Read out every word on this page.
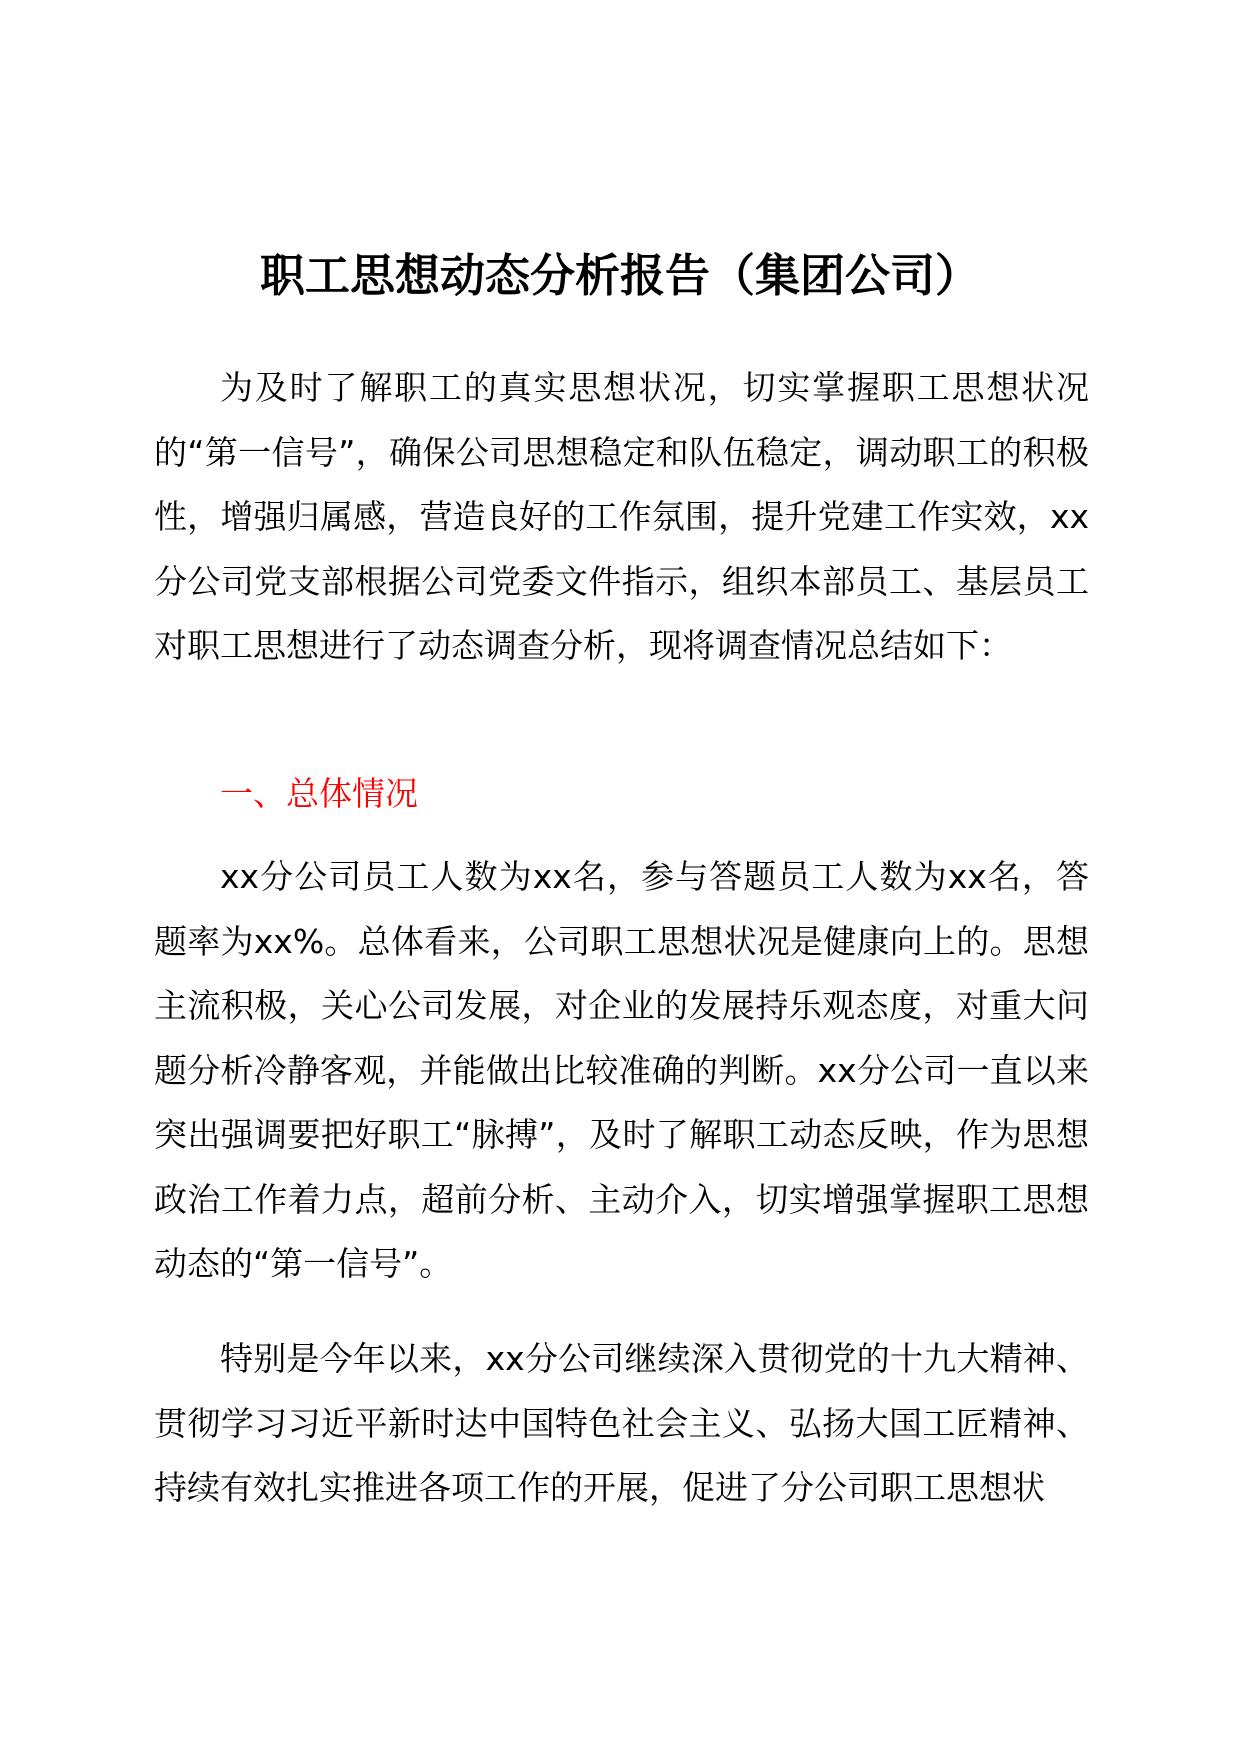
职工思想动态分析报告（集团公司）

为及时了解职工的真实思想状况，切实掌握职工思想状况的“第一信号”，确保公司思想稳定和队伍稳定，调动职工的积极性，增强归属感，营造良好的工作氛围，提升党建工作实效，xx分公司党支部根据公司党委文件指示，组织本部员工、基层员工对职工思想进行了动态调查分析，现将调查情况总结如下：

一、总体情况

xx分公司员工人数为xx名，参与答题员工人数为xx名，答题率为xx%。总体看来，公司职工思想状况是健康向上的。思想主流积极，关心公司发展，对企业的发展持乐观态度，对重大问题分析冷静客观，并能做出比较准确的判断。xx分公司一直以来突出强调要把好职工“脉搏”，及时了解职工动态反映，作为思想政治工作着力点，超前分析、主动介入，切实增强掌握职工思想动态的“第一信号”。

特别是今年以来，xx分公司继续深入贯彻党的十九大精神、贯彻学习习近平新时达中国特色社会主义、弘扬大国工匠精神、持续有效扎实推进各项工作的开展，促进了分公司职工思想状
